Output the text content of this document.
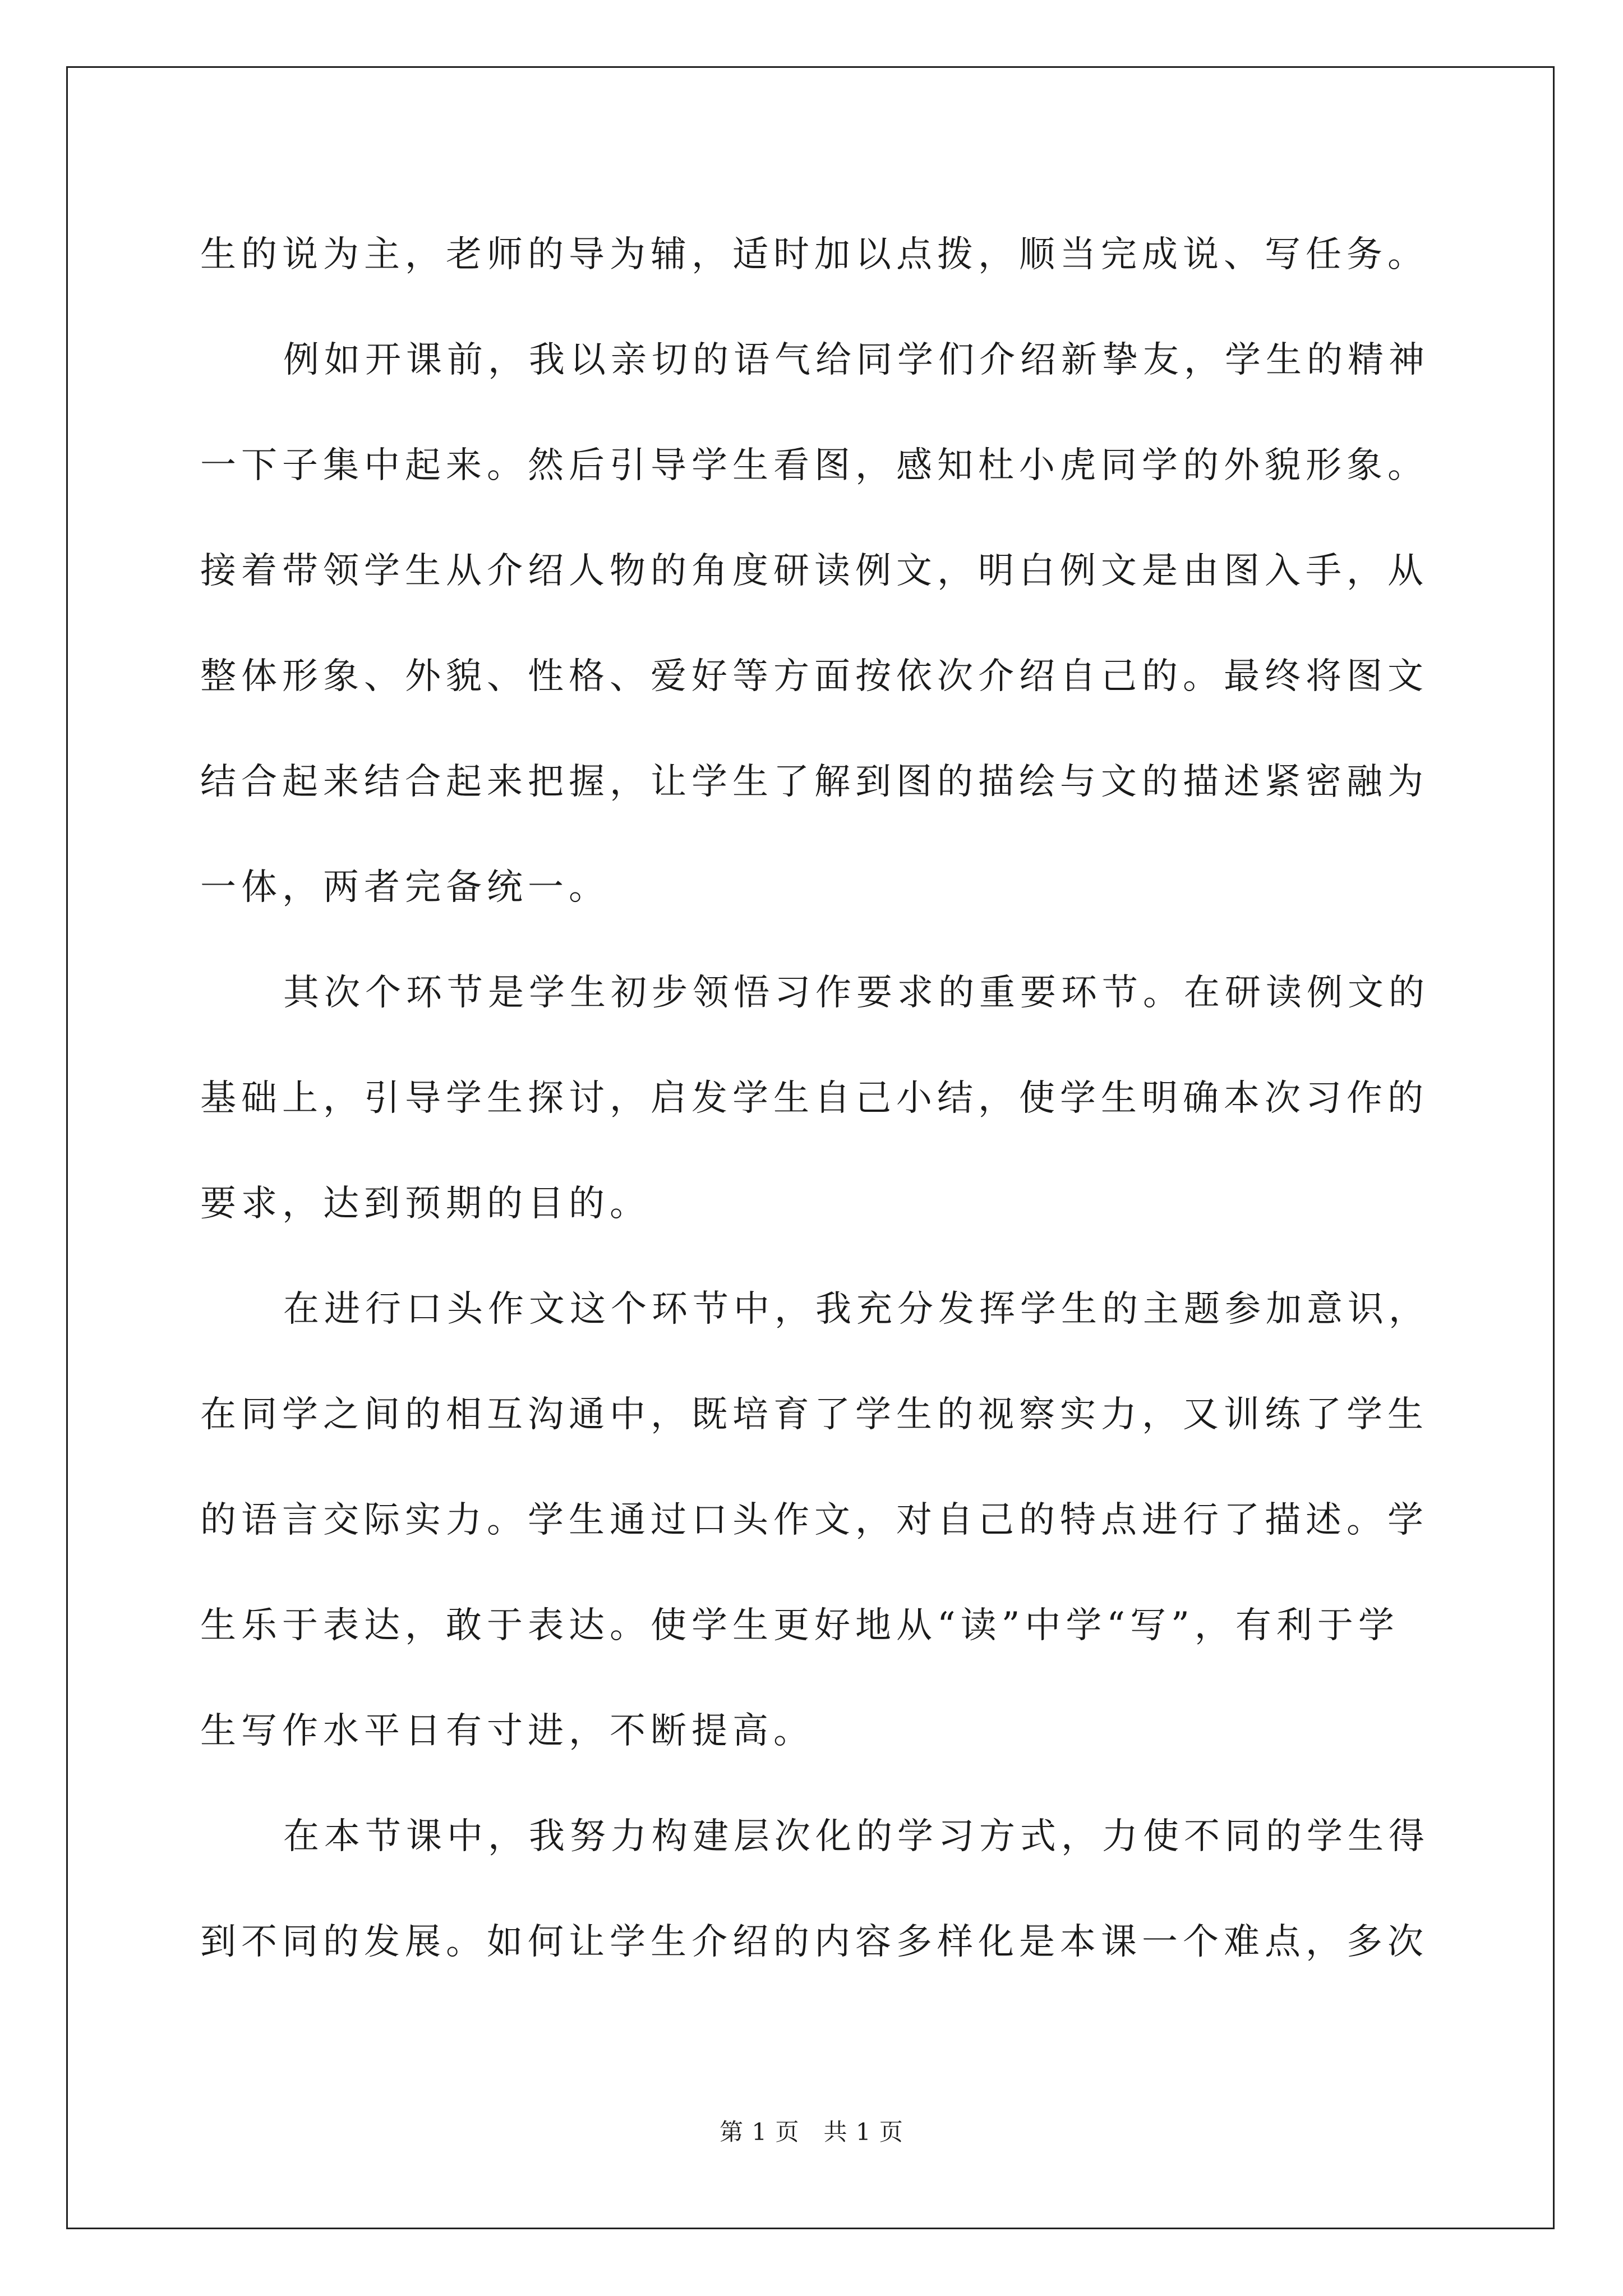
生的说为主，老师的导为辅，适时加以点拨，顺当完成说、写任务。
例如开课前，我以亲切的语气给同学们介绍新挚友，学生的精神
一下子集中起来。然后引导学生看图，感知杜小虎同学的外貌形象。
接着带领学生从介绍人物的角度研读例文，明白例文是由图入手，从
整体形象、外貌、性格、爱好等方面按依次介绍自己的。最终将图文
结合起来结合起来把握，让学生了解到图的描绘与文的描述紧密融为
一体，两者完备统一。
其次个环节是学生初步领悟习作要求的重要环节。在研读例文的
基础上，引导学生探讨，启发学生自己小结，使学生明确本次习作的
要求，达到预期的目的。
在进行口头作文这个环节中，我充分发挥学生的主题参加意识，
在同学之间的相互沟通中，既培育了学生的视察实力，又训练了学生
的语言交际实力。学生通过口头作文，对自己的特点进行了描述。学
生乐于表达，敢于表达。使学生更好地从“读”中学“写”，有利于学
生写作水平日有寸进，不断提高。
在本节课中，我努力构建层次化的学习方式，力使不同的学生得
到不同的发展。如何让学生介绍的内容多样化是本课一个难点，多次
第 1 页　共 1 页
